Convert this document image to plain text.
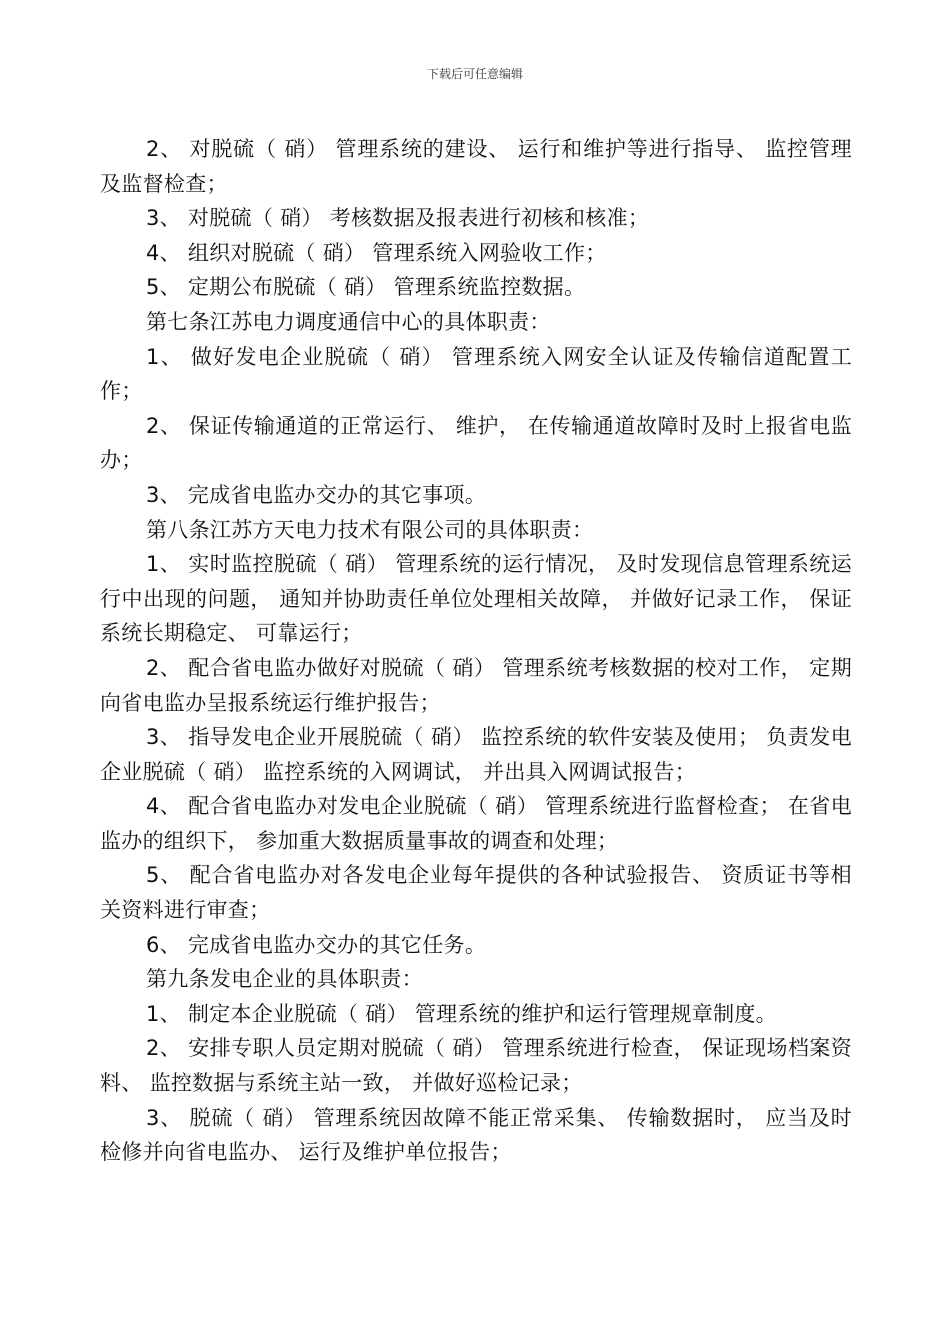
下载后可任意编辑

2、 对脱硫（ 硝） 管理系统的建设、 运行和维护等进行指导、 监控管理及监督检查；

3、 对脱硫（ 硝） 考核数据及报表进行初核和核准；

4、 组织对脱硫（ 硝） 管理系统入网验收工作；

5、 定期公布脱硫（ 硝） 管理系统监控数据。

第七条江苏电力调度通信中心的具体职责：

1、 做好发电企业脱硫（ 硝） 管理系统入网安全认证及传输信道配置工作；

2、 保证传输通道的正常运行、 维护， 在传输通道故障时及时上报省电监办；

3、 完成省电监办交办的其它事项。

第八条江苏方天电力技术有限公司的具体职责：

1、 实时监控脱硫（ 硝） 管理系统的运行情况， 及时发现信息管理系统运行中出现的问题， 通知并协助责任单位处理相关故障， 并做好记录工作， 保证系统长期稳定、 可靠运行；

2、 配合省电监办做好对脱硫（ 硝） 管理系统考核数据的校对工作， 定期向省电监办呈报系统运行维护报告；

3、 指导发电企业开展脱硫（ 硝） 监控系统的软件安装及使用； 负责发电企业脱硫（ 硝） 监控系统的入网调试， 并出具入网调试报告；

4、 配合省电监办对发电企业脱硫（ 硝） 管理系统进行监督检查； 在省电监办的组织下， 参加重大数据质量事故的调查和处理；

5、 配合省电监办对各发电企业每年提供的各种试验报告、 资质证书等相关资料进行审查；

6、 完成省电监办交办的其它任务。

第九条发电企业的具体职责：

1、 制定本企业脱硫（ 硝） 管理系统的维护和运行管理规章制度。

2、 安排专职人员定期对脱硫（ 硝） 管理系统进行检查， 保证现场档案资料、 监控数据与系统主站一致， 并做好巡检记录；

3、 脱硫（ 硝） 管理系统因故障不能正常采集、 传输数据时， 应当及时检修并向省电监办、 运行及维护单位报告；
